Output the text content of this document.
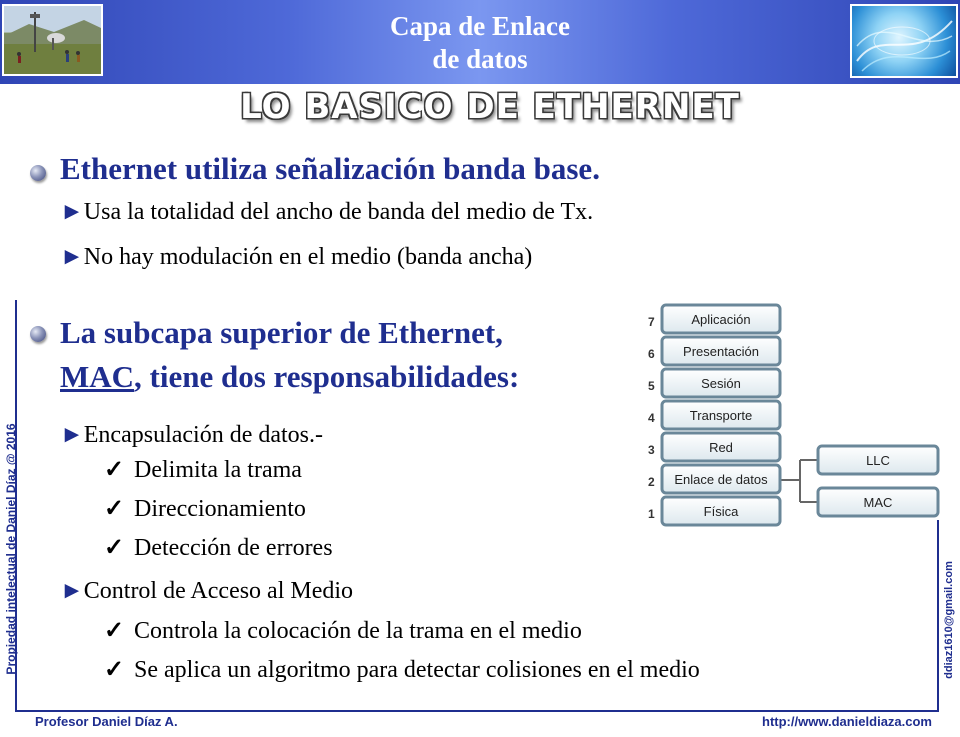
Capa de Enlace
de datos
LO BASICO DE ETHERNET
Ethernet utiliza señalización banda base.
►Usa la totalidad del ancho de banda del medio de Tx.
►No hay modulación en el medio (banda ancha)
La subcapa superior de Ethernet,
MAC, tiene dos responsabilidades:
►Encapsulación de datos.-
✓ Delimita la trama
✓ Direccionamiento
✓ Detección de errores
►Control de Acceso al Medio
✓ Controla la colocación de la trama en el medio
✓ Se aplica un algoritmo para detectar colisiones en el medio
7	Aplicación
6 Presentación
5	Sesión
4	Transporte
3	Red
2 Enlace de datos
1	Física
LLC
MAC
Propiedad intelectual de Daniel Díaz @ 2016	ddiaz1610@gmail.com
Profesor Daniel Díaz A.	http://www.danieldiaza.com
